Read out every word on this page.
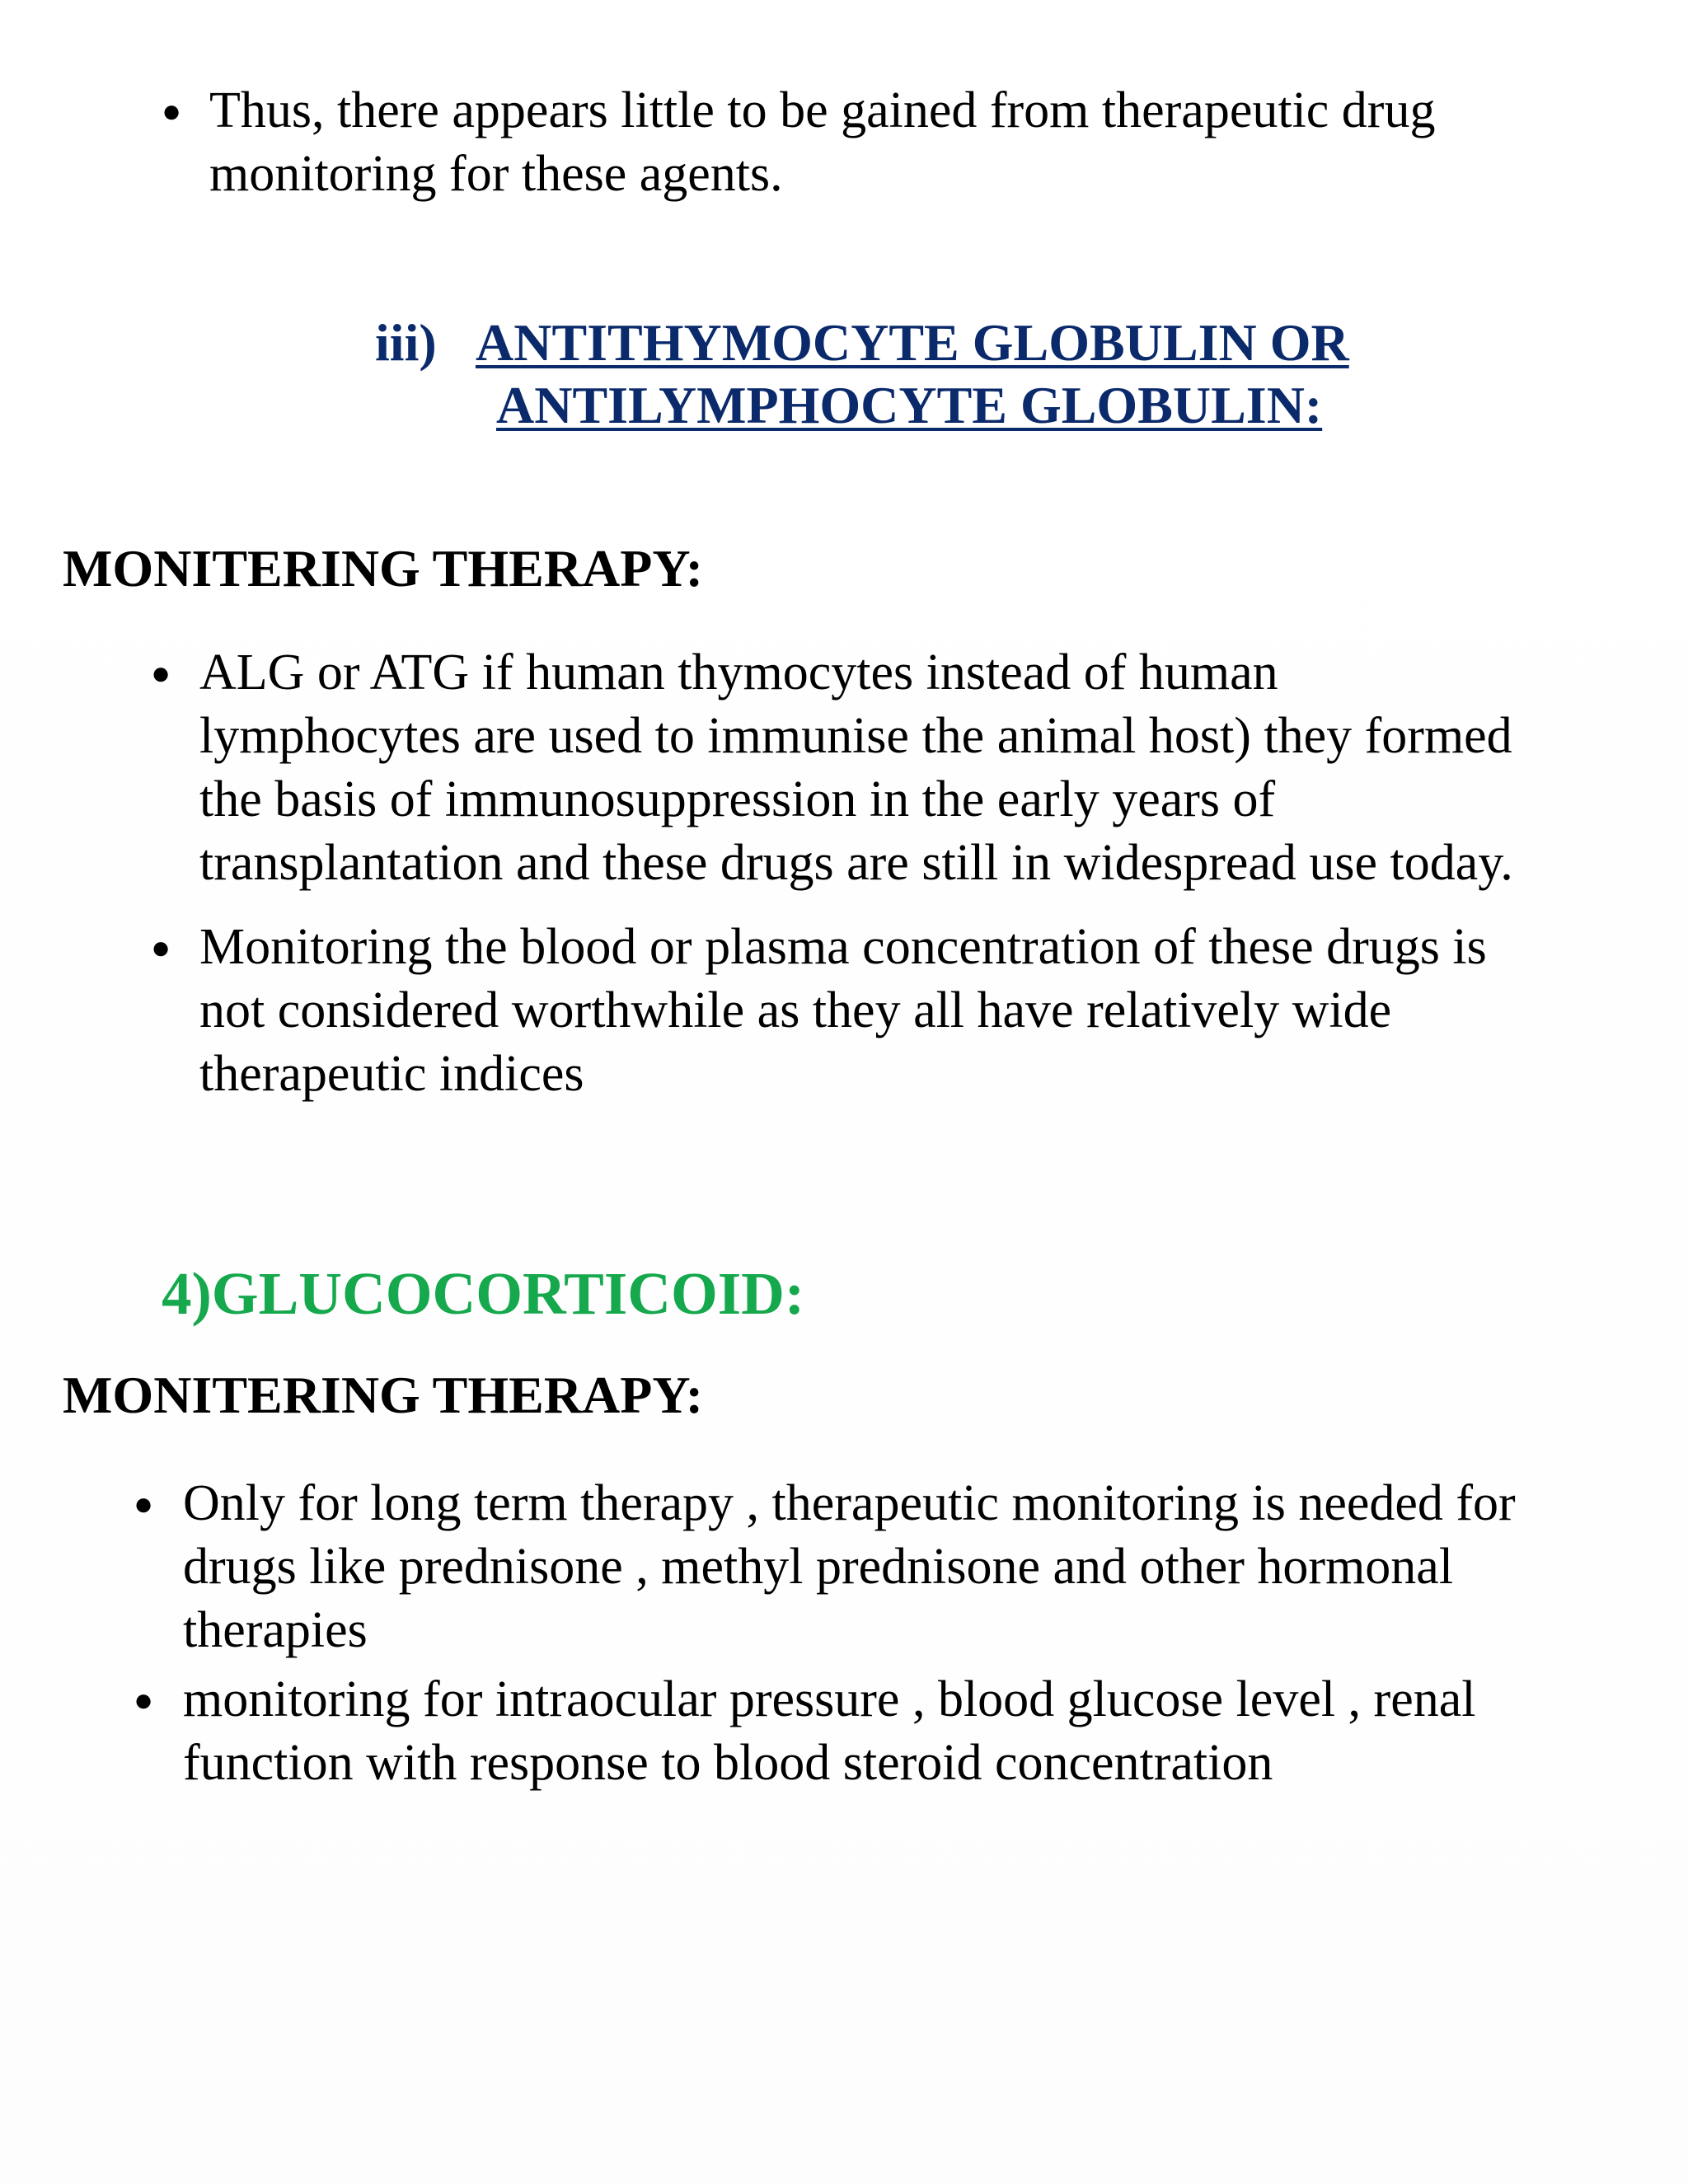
● Thus, there appears little to be gained from therapeutic drug
monitoring for these agents.

iii) ANTITHYMOCYTE GLOBULIN OR
ANTILYMPHOCYTE GLOBULIN:
MONITERING THERAPY:
● ALG or ATG if human thymocytes instead of human
lymphocytes are used to immunise the animal host) they formed
the basis of immunosuppression in the early years of
transplantation and these drugs are still in widespread use today.

● Monitoring the blood or plasma concentration of these drugs is
not considered worthwhile as they all have relatively wide
therapeutic indices

4)GLUCOCORTICOID:
MONITERING THERAPY:
● Only for long term therapy , therapeutic monitoring is needed for
drugs like prednisone , methyl prednisone and other hormonal
therapies

● monitoring for intraocular pressure , blood glucose level , renal
function with response to blood steroid concentration
